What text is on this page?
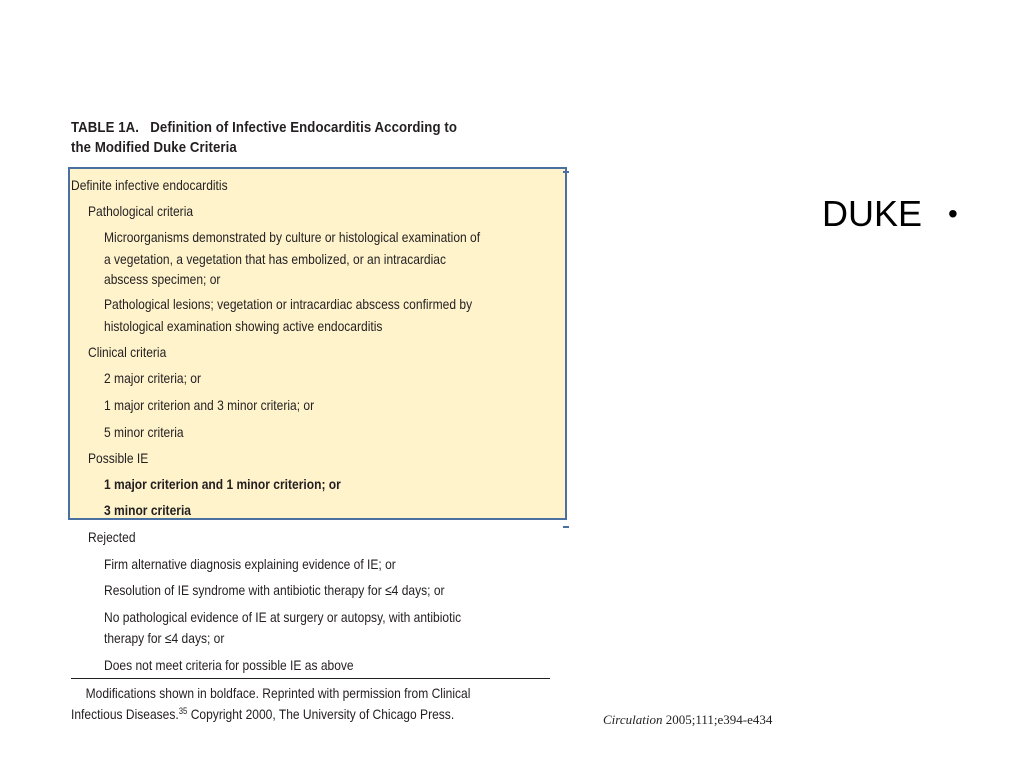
TABLE 1A.   Definition of Infective Endocarditis According to
the Modified Duke Criteria
Definite infective endocarditis
Pathological criteria
Microorganisms demonstrated by culture or histological examination of
a vegetation, a vegetation that has embolized, or an intracardiac
abscess specimen; or
Pathological lesions; vegetation or intracardiac abscess confirmed by
histological examination showing active endocarditis
Clinical criteria
2 major criteria; or
1 major criterion and 3 minor criteria; or
5 minor criteria
Possible IE
1 major criterion and 1 minor criterion; or
3 minor criteria
Rejected
Firm alternative diagnosis explaining evidence of IE; or
Resolution of IE syndrome with antibiotic therapy for ≤4 days; or
No pathological evidence of IE at surgery or autopsy, with antibiotic
therapy for ≤4 days; or
Does not meet criteria for possible IE as above
Modifications shown in boldface. Reprinted with permission from Clinical
Infectious Diseases.$^{35}$ Copyright 2000, The University of Chicago Press.
DUKE •
Circulation 2005;111;e394-e434
